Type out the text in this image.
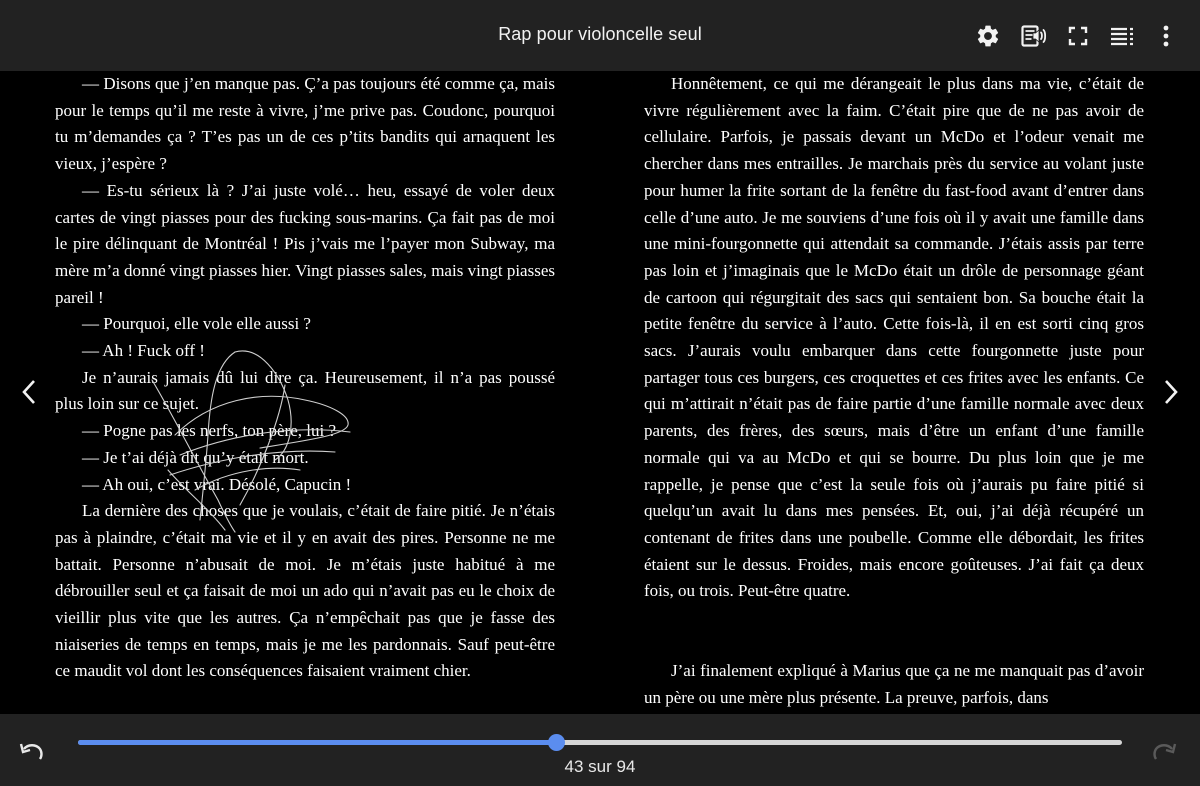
Rap pour violoncelle seul

— Disons que j’en manque pas. Ç’a pas toujours été comme ça, mais pour le temps qu’il me reste à vivre, j’me prive pas. Coudonc, pourquoi tu m’demandes ça ? T’es pas un de ces p’tits bandits qui arnaquent les vieux, j’espère ?

— Es-tu sérieux là ? J’ai juste volé… heu, essayé de voler deux cartes de vingt piasses pour des fucking sous-marins. Ça fait pas de moi le pire délinquant de Montréal ! Pis j’vais me l’payer mon Subway, ma mère m’a donné vingt piasses hier. Vingt piasses sales, mais vingt piasses pareil !

— Pourquoi, elle vole elle aussi ?

— Ah ! Fuck off !

Je n’aurais jamais dû lui dire ça. Heureusement, il n’a pas poussé plus loin sur ce sujet.

— Pogne pas les nerfs, ton père, lui ?

— Je t’ai déjà dit qu’y était mort.

— Ah oui, c’est vrai. Désolé, Capucin !

La dernière des choses que je voulais, c’était de faire pitié. Je n’étais pas à plaindre, c’était ma vie et il y en avait des pires. Personne ne me battait. Personne n’abusait de moi. Je m’étais juste habitué à me débrouiller seul et ça faisait de moi un ado qui n’avait pas eu le choix de vieillir plus vite que les autres. Ça n’empêchait pas que je fasse des niaiseries de temps en temps, mais je me les pardonnais. Sauf peut-être ce maudit vol dont les conséquences faisaient vraiment chier.

Honnêtement, ce qui me dérangeait le plus dans ma vie, c’était de vivre régulièrement avec la faim. C’était pire que de ne pas avoir de cellulaire. Parfois, je passais devant un McDo et l’odeur venait me chercher dans mes entrailles. Je marchais près du service au volant juste pour humer la frite sortant de la fenêtre du fast-food avant d’entrer dans celle d’une auto. Je me souviens d’une fois où il y avait une famille dans une mini-fourgonnette qui attendait sa commande. J’étais assis par terre pas loin et j’imaginais que le McDo était un drôle de personnage géant de cartoon qui régurgitait des sacs qui sentaient bon. Sa bouche était la petite fenêtre du service à l’auto. Cette fois-là, il en est sorti cinq gros sacs. J’aurais voulu embarquer dans cette fourgonnette juste pour partager tous ces burgers, ces croquettes et ces frites avec les enfants. Ce qui m’attirait n’était pas de faire partie d’une famille normale avec deux parents, des frères, des sœurs, mais d’être un enfant d’une famille normale qui va au McDo et qui se bourre. Du plus loin que je me rappelle, je pense que c’est la seule fois où j’aurais pu faire pitié si quelqu’un avait lu dans mes pensées. Et, oui, j’ai déjà récupéré un contenant de frites dans une poubelle. Comme elle débordait, les frites étaient sur le dessus. Froides, mais encore goûteuses. J’ai fait ça deux fois, ou trois. Peut-être quatre.

J’ai finalement expliqué à Marius que ça ne me manquait pas d’avoir un père ou une mère plus présente. La preuve, parfois, dans

43 sur 94
